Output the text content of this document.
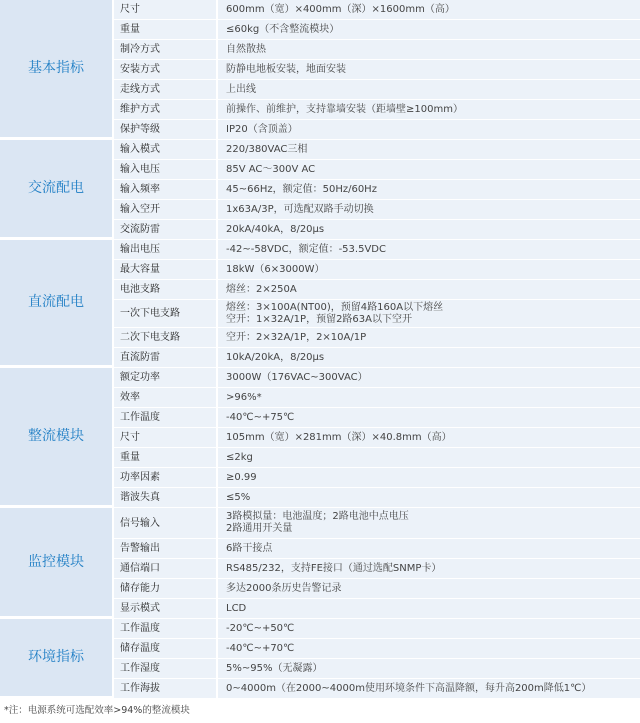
基本指标	尺寸	600mm（宽）×400mm（深）×1600mm（高）
	重量	≤60kg（不含整流模块）
	制冷方式	自然散热
	安装方式	防静电地板安装，地面安装
	走线方式	上出线
	维护方式	前操作、前维护，支持靠墙安装（距墙壁≥100mm）
	保护等级	IP20（含顶盖）
交流配电	输入模式	220/380VAC三相
	输入电压	85V AC～300V AC
	输入频率	45~66Hz，额定值：50Hz/60Hz
	输入空开	1x63A/3P，可选配双路手动切换
	交流防雷	20kA/40kA，8/20μs
直流配电	输出电压	-42~-58VDC，额定值：-53.5VDC
	最大容量	18kW（6×3000W）
	电池支路	熔丝：2×250A
	一次下电支路	熔丝：3×100A(NT00)，预留4路160A以下熔丝
空开：1×32A/1P，预留2路63A以下空开

	二次下电支路	空开：2×32A/1P，2×10A/1P
	直流防雷	10kA/20kA，8/20μs
整流模块	额定功率	3000W（176VAC~300VAC）
	效率	>96%*
	工作温度	-40℃~+75℃
	尺寸	105mm（宽）×281mm（深）×40.8mm（高）
	重量	≤2kg
	功率因素	≥0.99
	谐波失真	≤5%
监控模块	信号输入	3路模拟量：电池温度；2路电池中点电压
2路通用开关量

	告警输出	6路干接点
	通信端口	RS485/232，支持FE接口（通过选配SNMP卡）
	储存能力	多达2000条历史告警记录
	显示模式	LCD
环境指标	工作温度	-20℃~+50℃
	储存温度	-40℃~+70℃
	工作湿度	5%~95%（无凝露）
	工作海拔	0~4000m（在2000~4000m使用环境条件下高温降额，每升高200m降低1℃）
*注：电源系统可选配效率>94%的整流模块
